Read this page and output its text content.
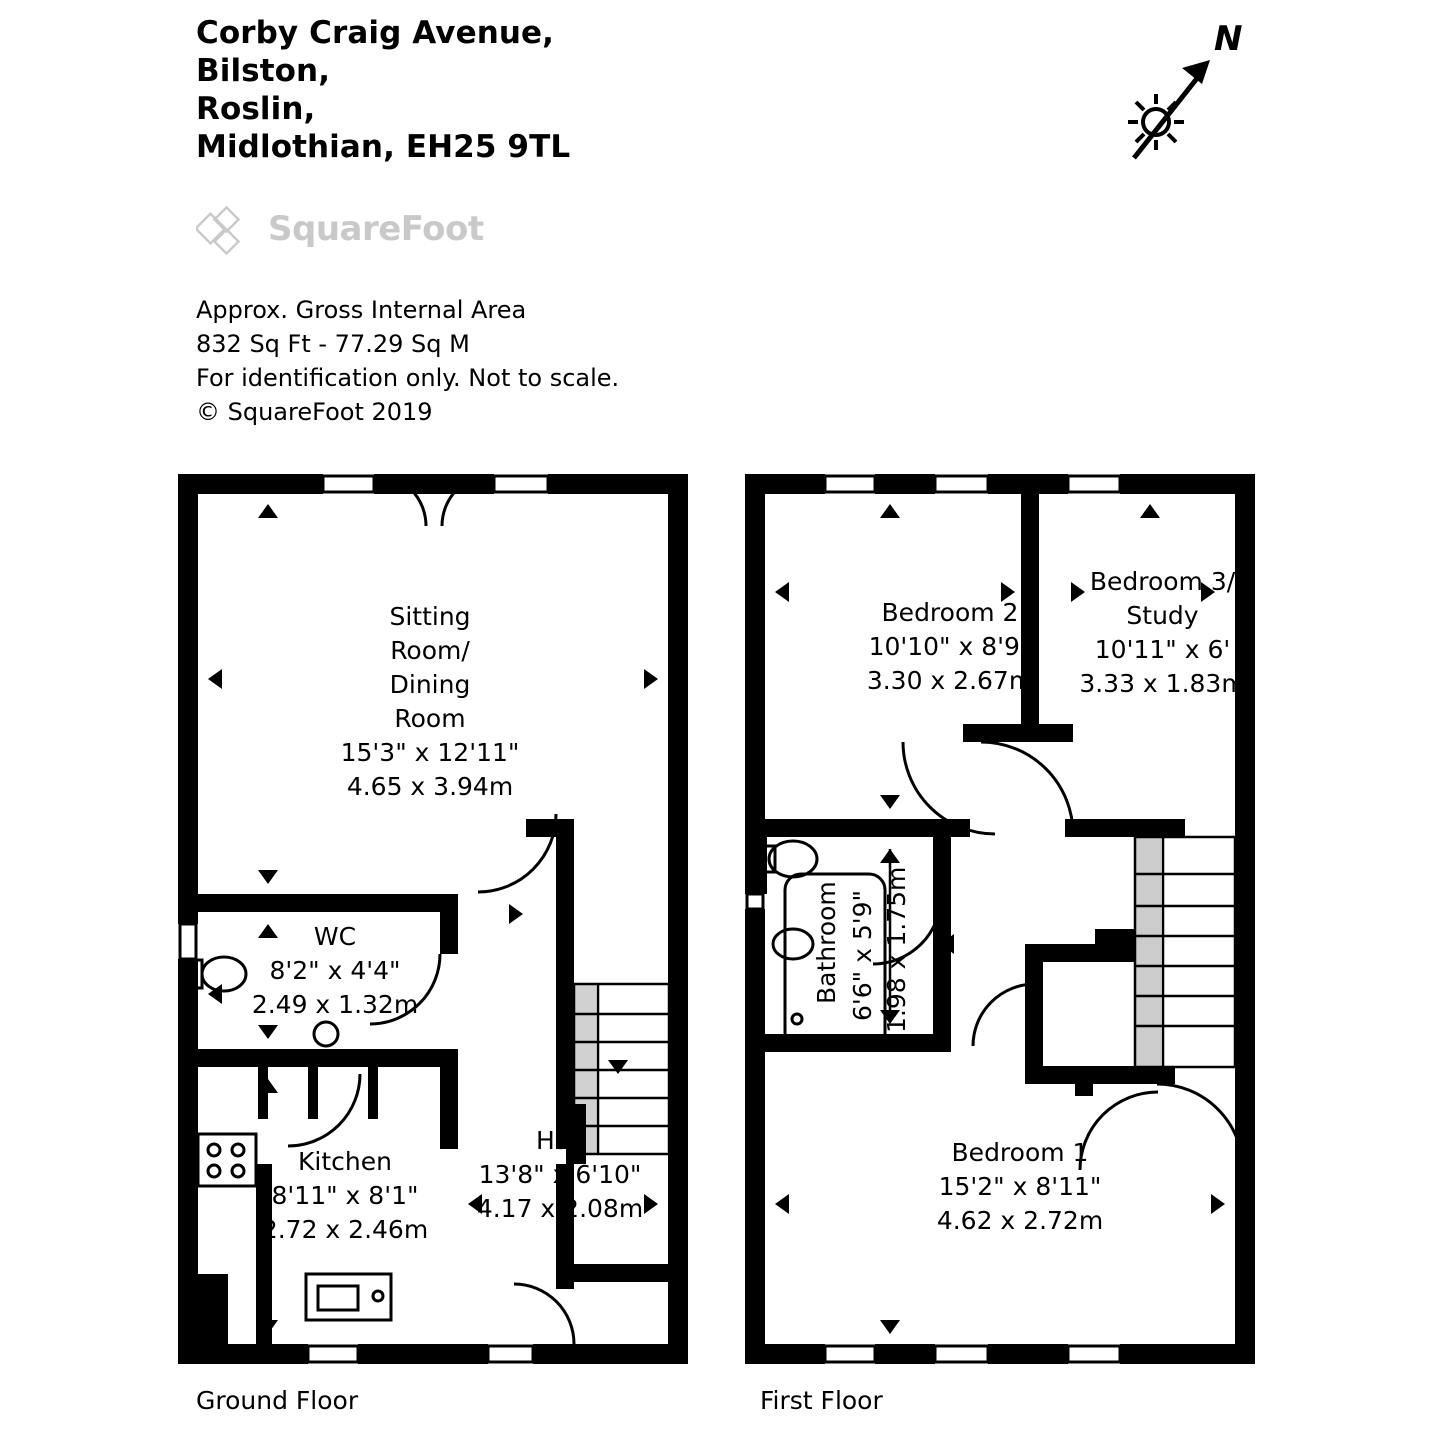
Corby Craig Avenue,
Bilston,
Roslin,
Midlothian, EH25 9TL
SquareFoot
Approx. Gross Internal Area
832 Sq Ft - 77.29 Sq M
For identification only. Not to scale.
© SquareFoot 2019
N
Ground Floor
Sitting
Room/
Dining
Room
15'3" x 12'11"
4.65 x 3.94m
WC
8'2" x 4'4"
2.49 x 1.32m
Kitchen
8'11" x 8'1"
2.72 x 2.46m
Hall
13'8" x 6'10"
4.17 x 2.08m
HW
First Floor
Bedroom 2
10'10" x 8'9"
3.30 x 2.67m
Bedroom 3/
Study
10'11" x 6'
3.33 x 1.83m
Bedroom 1
15'2" x 8'11"
4.62 x 2.72m
Bathroom 6'6" x 5'9" 1.98 x 1.75m
